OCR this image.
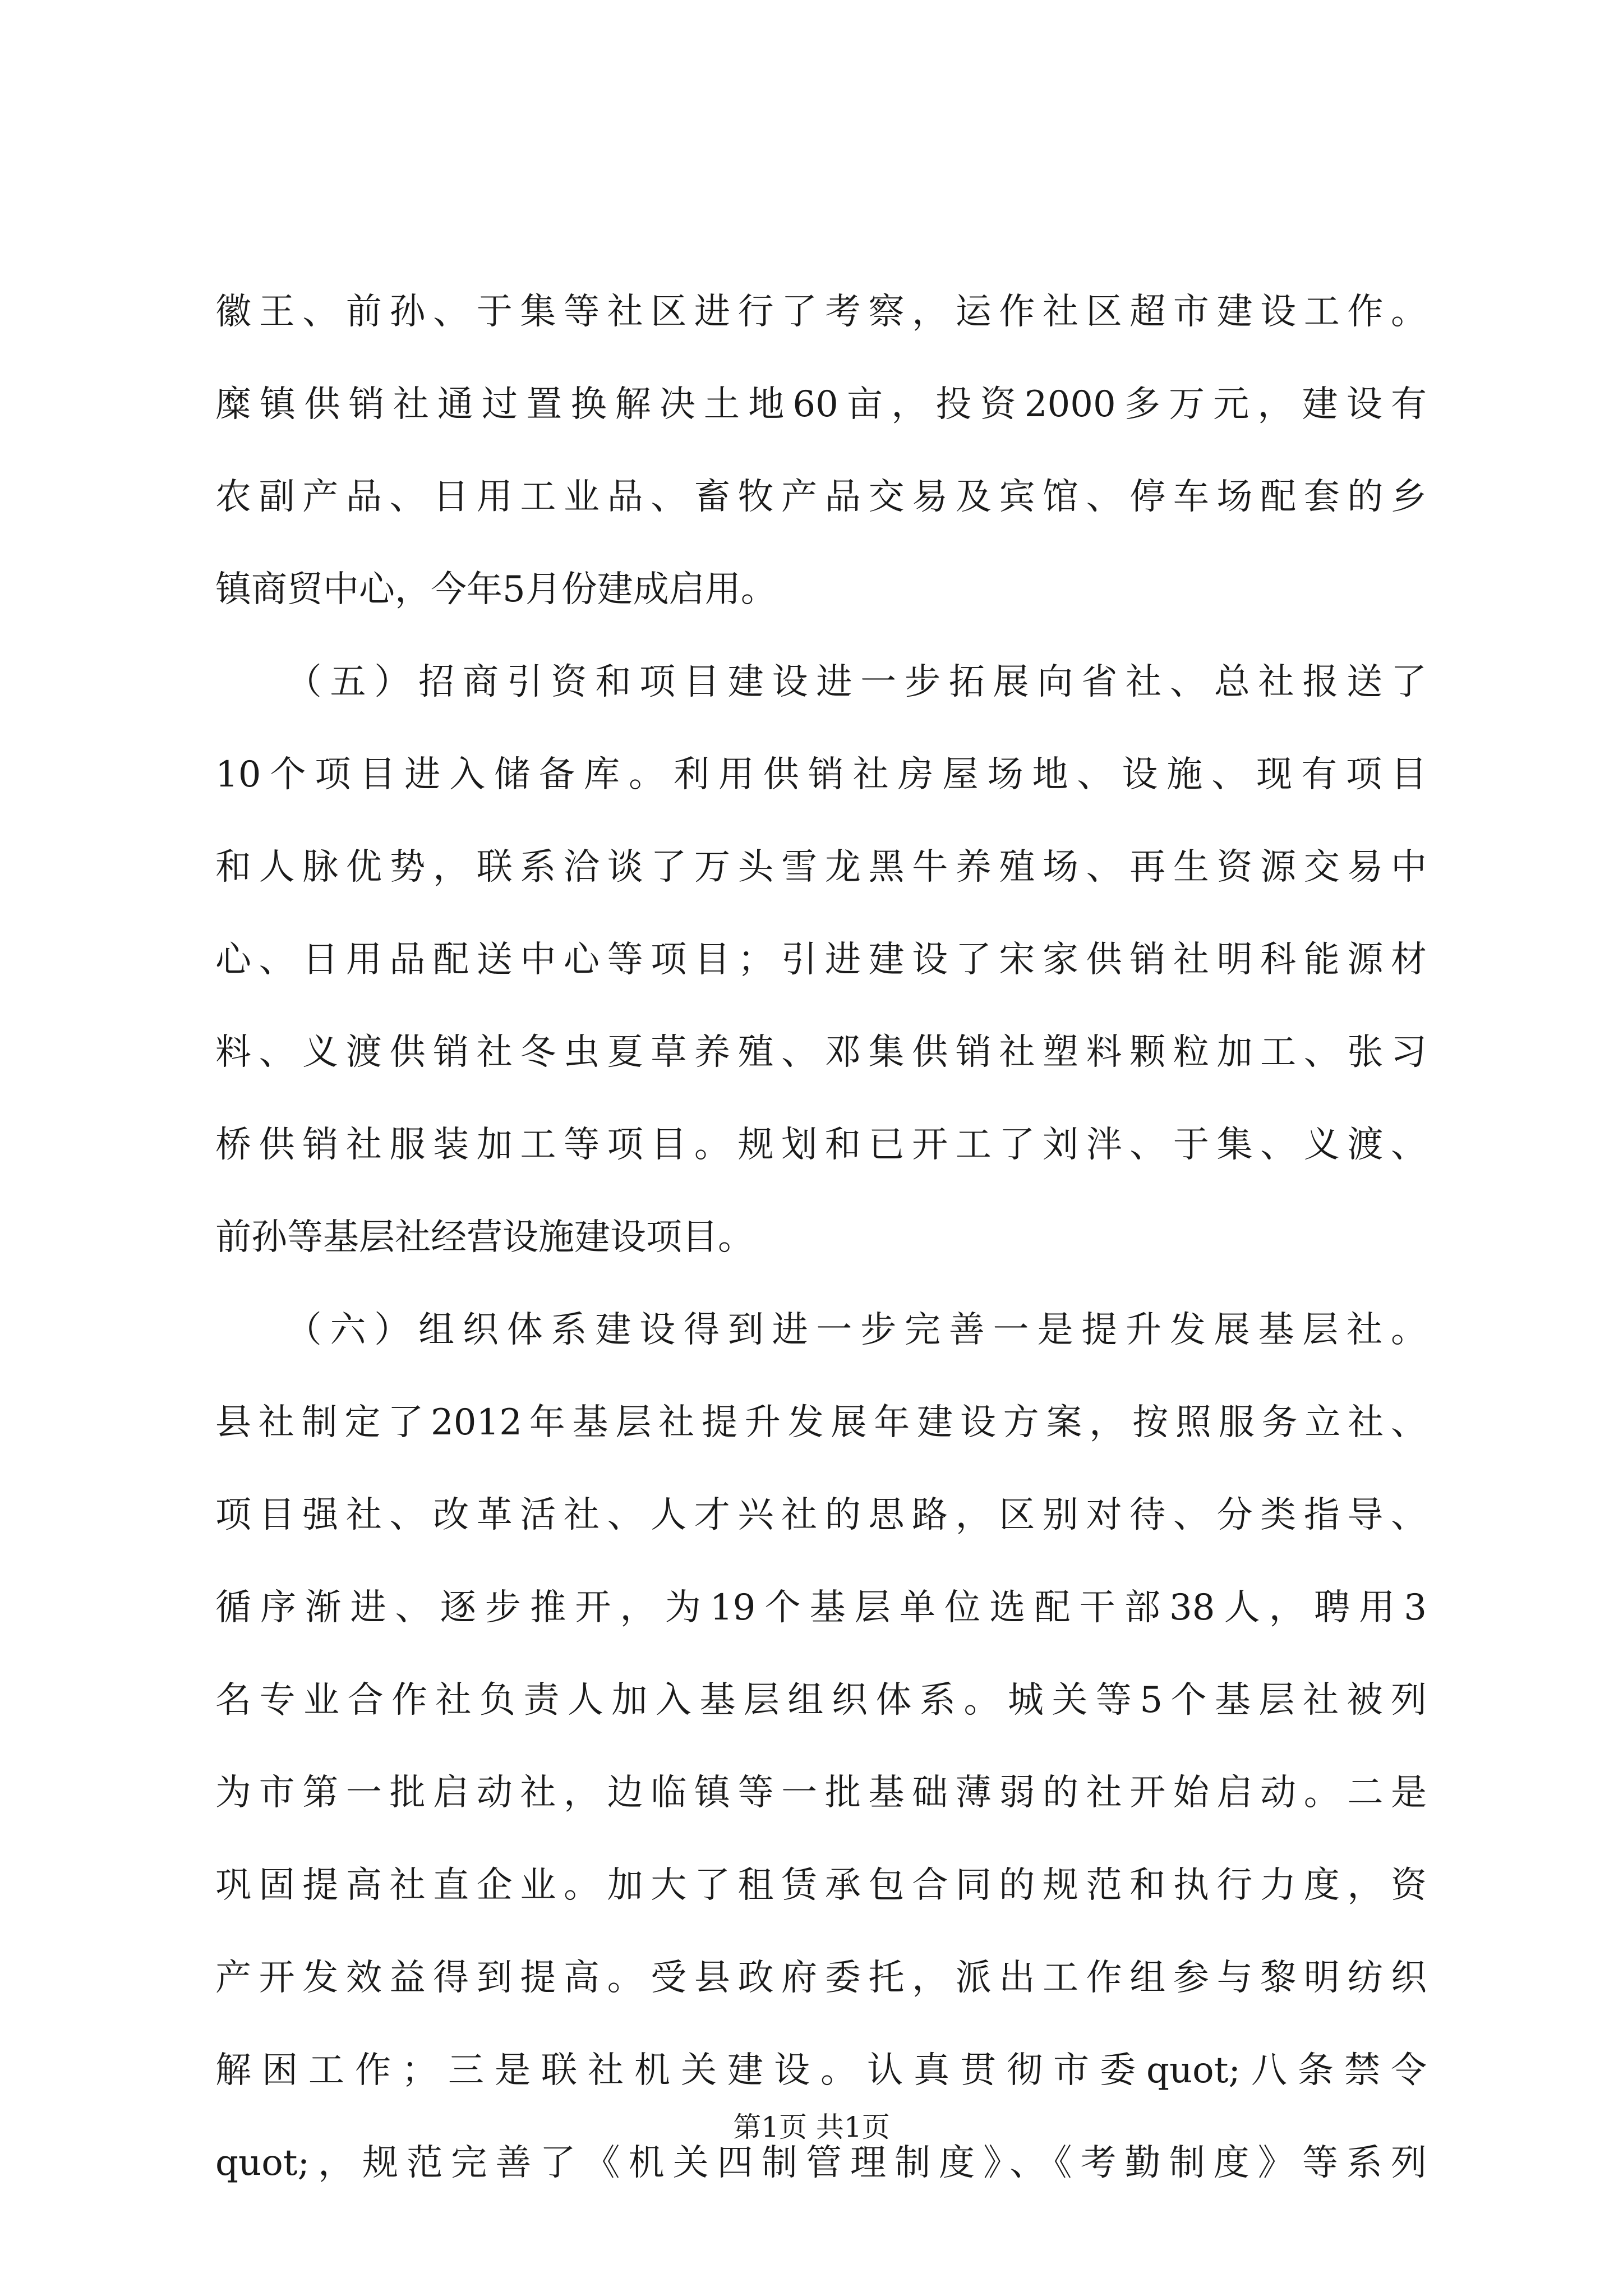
徽王、前孙、于集等社区进行了考察，运作社区超市建设工作。
糜镇供销社通过置换解决土地60亩，投资2000多万元，建设有
农副产品、日用工业品、畜牧产品交易及宾馆、停车场配套的乡
镇商贸中心，今年5月份建成启用。
　　（五）招商引资和项目建设进一步拓展向省社、总社报送了
10个项目进入储备库。利用供销社房屋场地、设施、现有项目
和人脉优势，联系洽谈了万头雪龙黑牛养殖场、再生资源交易中
心、日用品配送中心等项目；引进建设了宋家供销社明科能源材
料、义渡供销社冬虫夏草养殖、邓集供销社塑料颗粒加工、张习
桥供销社服装加工等项目。规划和已开工了刘泮、于集、义渡、
前孙等基层社经营设施建设项目。
　　（六）组织体系建设得到进一步完善一是提升发展基层社。
县社制定了2012年基层社提升发展年建设方案，按照服务立社、
项目强社、改革活社、人才兴社的思路，区别对待、分类指导、
循序渐进、逐步推开，为19个基层单位选配干部38人，聘用3
名专业合作社负责人加入基层组织体系。城关等5个基层社被列
为市第一批启动社，边临镇等一批基础薄弱的社开始启动。二是
巩固提高社直企业。加大了租赁承包合同的规范和执行力度，资
产开发效益得到提高。受县政府委托，派出工作组参与黎明纺织
解困工作；三是联社机关建设。认真贯彻市委quot;八条禁令
quot;，规范完善了《机关四制管理制度》、《考勤制度》等系列
第1页 共1页
